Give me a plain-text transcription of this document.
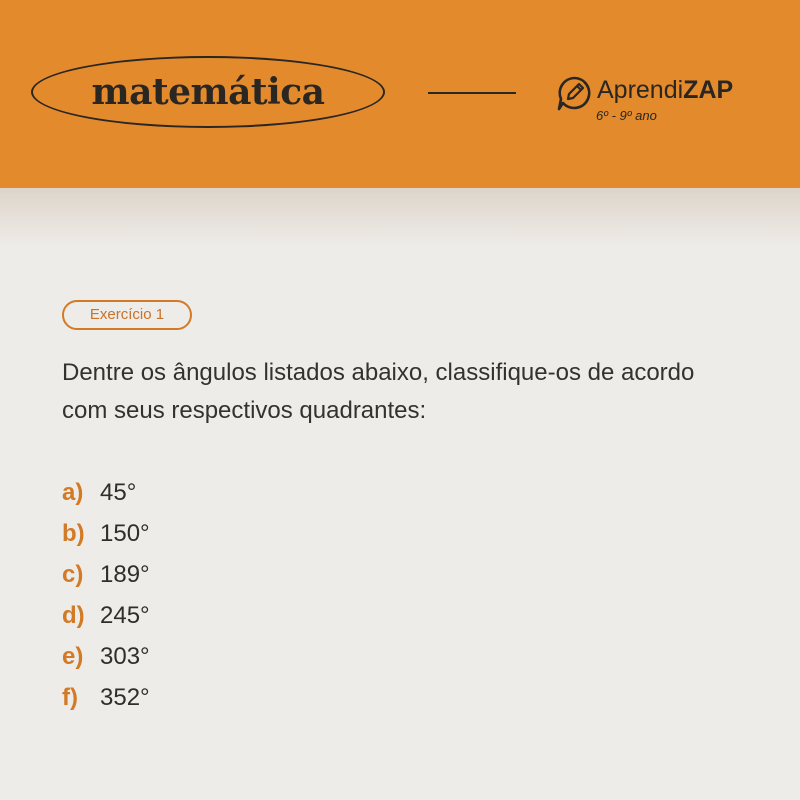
matemática	AprendiZAP
6º - 9º ano
Exercício 1
Dentre os ângulos listados abaixo, classifique-os de acordo com seus respectivos quadrantes:
a) 45°
b) 150°
c) 189°
d) 245°
e) 303°
f) 352°
